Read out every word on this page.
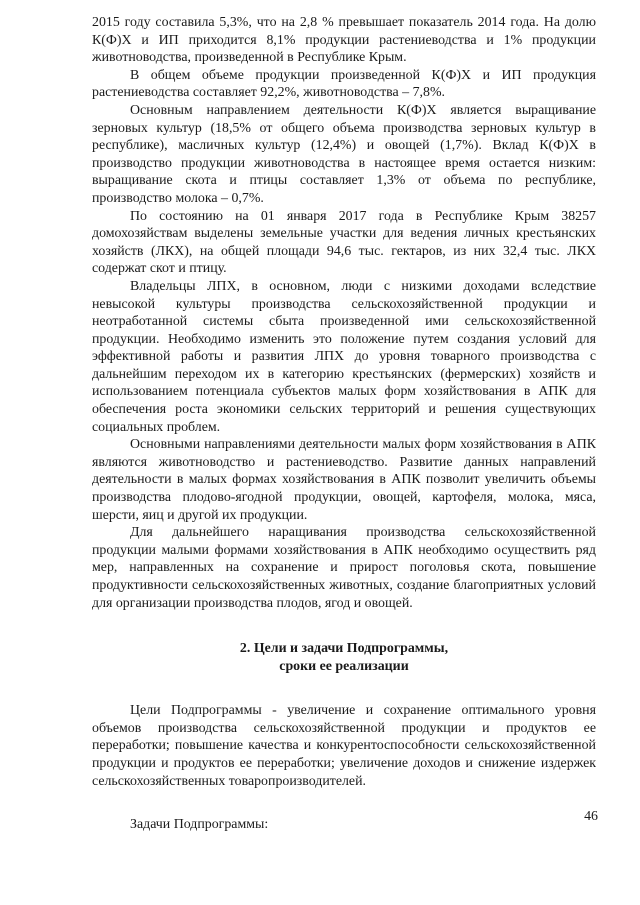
2015 году составила 5,3%, что на 2,8 % превышает показатель 2014 года. На долю К(Ф)Х и ИП приходится 8,1% продукции растениеводства и 1% продукции животноводства, произведенной в Республике Крым.

В общем объеме продукции произведенной К(Ф)Х и ИП продукция растениеводства составляет 92,2%, животноводства – 7,8%.

Основным направлением деятельности К(Ф)Х является выращивание зерновых культур (18,5% от общего объема производства зерновых культур в республике), масличных культур (12,4%) и овощей (1,7%). Вклад К(Ф)Х в производство продукции животноводства в настоящее время остается низким: выращивание скота и птицы составляет 1,3% от объема по республике, производство молока – 0,7%.

По состоянию на 01 января 2017 года в Республике Крым 38257 домохозяйствам выделены земельные участки для ведения личных крестьянских хозяйств (ЛКХ), на общей площади 94,6 тыс. гектаров, из них 32,4 тыс. ЛКХ содержат скот и птицу.

Владельцы ЛПХ, в основном, люди с низкими доходами вследствие невысокой культуры производства сельскохозяйственной продукции и неотработанной системы сбыта произведенной ими сельскохозяйственной продукции. Необходимо изменить это положение путем создания условий для эффективной работы и развития ЛПХ до уровня товарного производства с дальнейшим переходом их в категорию крестьянских (фермерских) хозяйств и использованием потенциала субъектов малых форм хозяйствования в АПК для обеспечения роста экономики сельских территорий и решения существующих социальных проблем.

Основными направлениями деятельности малых форм хозяйствования в АПК являются животноводство и растениеводство. Развитие данных направлений деятельности в малых формах хозяйствования в АПК позволит увеличить объемы производства плодово-ягодной продукции, овощей, картофеля, молока, мяса, шерсти, яиц и другой их продукции.

Для дальнейшего наращивания производства сельскохозяйственной продукции малыми формами хозяйствования в АПК необходимо осуществить ряд мер, направленных на сохранение и прирост поголовья скота, повышение продуктивности сельскохозяйственных животных, создание благоприятных условий для организации производства плодов, ягод и овощей.

2. Цели и задачи Подпрограммы,
сроки ее реализации

Цели Подпрограммы - увеличение и сохранение оптимального уровня объемов производства сельскохозяйственной продукции и продуктов ее переработки; повышение качества и конкурентоспособности сельскохозяйственной продукции и продуктов ее переработки; увеличение доходов и снижение издержек сельскохозяйственных товаропроизводителей.

Задачи Подпрограммы:

46
